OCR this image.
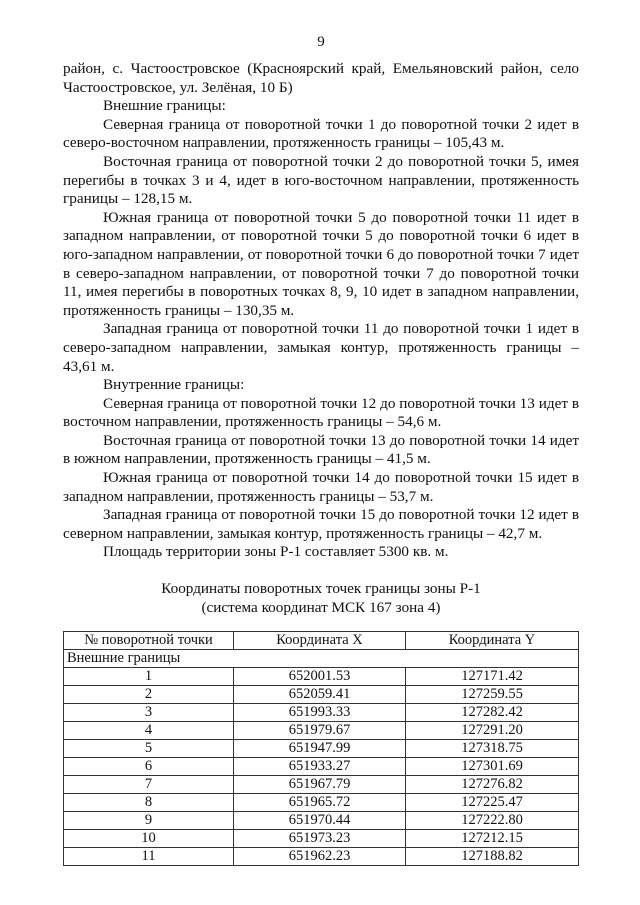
9

район, с. Частоостровское (Красноярский край, Емельяновский район, село Частоостровское, ул. Зелёная, 10 Б)

Внешние границы:

Северная граница от поворотной точки 1 до поворотной точки 2 идет в северо-восточном направлении, протяженность границы – 105,43 м.

Восточная граница от поворотной точки 2 до поворотной точки 5, имея перегибы в точках 3 и 4, идет в юго-восточном направлении, протяженность границы – 128,15 м.

Южная граница от поворотной точки 5 до поворотной точки 11 идет в западном направлении, от поворотной точки 5 до поворотной точки 6 идет в юго-западном направлении, от поворотной точки 6 до поворотной точки 7 идет в северо-западном направлении, от поворотной точки 7 до поворотной точки 11, имея перегибы в поворотных точках 8, 9, 10 идет в западном направлении, протяженность границы – 130,35 м.

Западная граница от поворотной точки 11 до поворотной точки 1 идет в северо-западном направлении, замыкая контур, протяженность границы – 43,61 м.

Внутренние границы:

Северная граница от поворотной точки 12 до поворотной точки 13 идет в восточном направлении, протяженность границы – 54,6 м.

Восточная граница от поворотной точки 13 до поворотной точки 14 идет в южном направлении, протяженность границы – 41,5 м.

Южная граница от поворотной точки 14 до поворотной точки 15 идет в западном направлении, протяженность границы – 53,7 м.

Западная граница от поворотной точки 15 до поворотной точки 12 идет в северном направлении, замыкая контур, протяженность границы – 42,7 м.

Площадь территории зоны Р-1 составляет 5300 кв. м.

Координаты поворотных точек границы зоны Р-1
(система координат МСК 167 зона 4)
№ поворотной точки	Координата X	Координата Y
Внешние границы		
1	652001.53	127171.42
2	652059.41	127259.55
3	651993.33	127282.42
4	651979.67	127291.20
5	651947.99	127318.75
6	651933.27	127301.69
7	651967.79	127276.82
8	651965.72	127225.47
9	651970.44	127222.80
10	651973.23	127212.15
11	651962.23	127188.82
